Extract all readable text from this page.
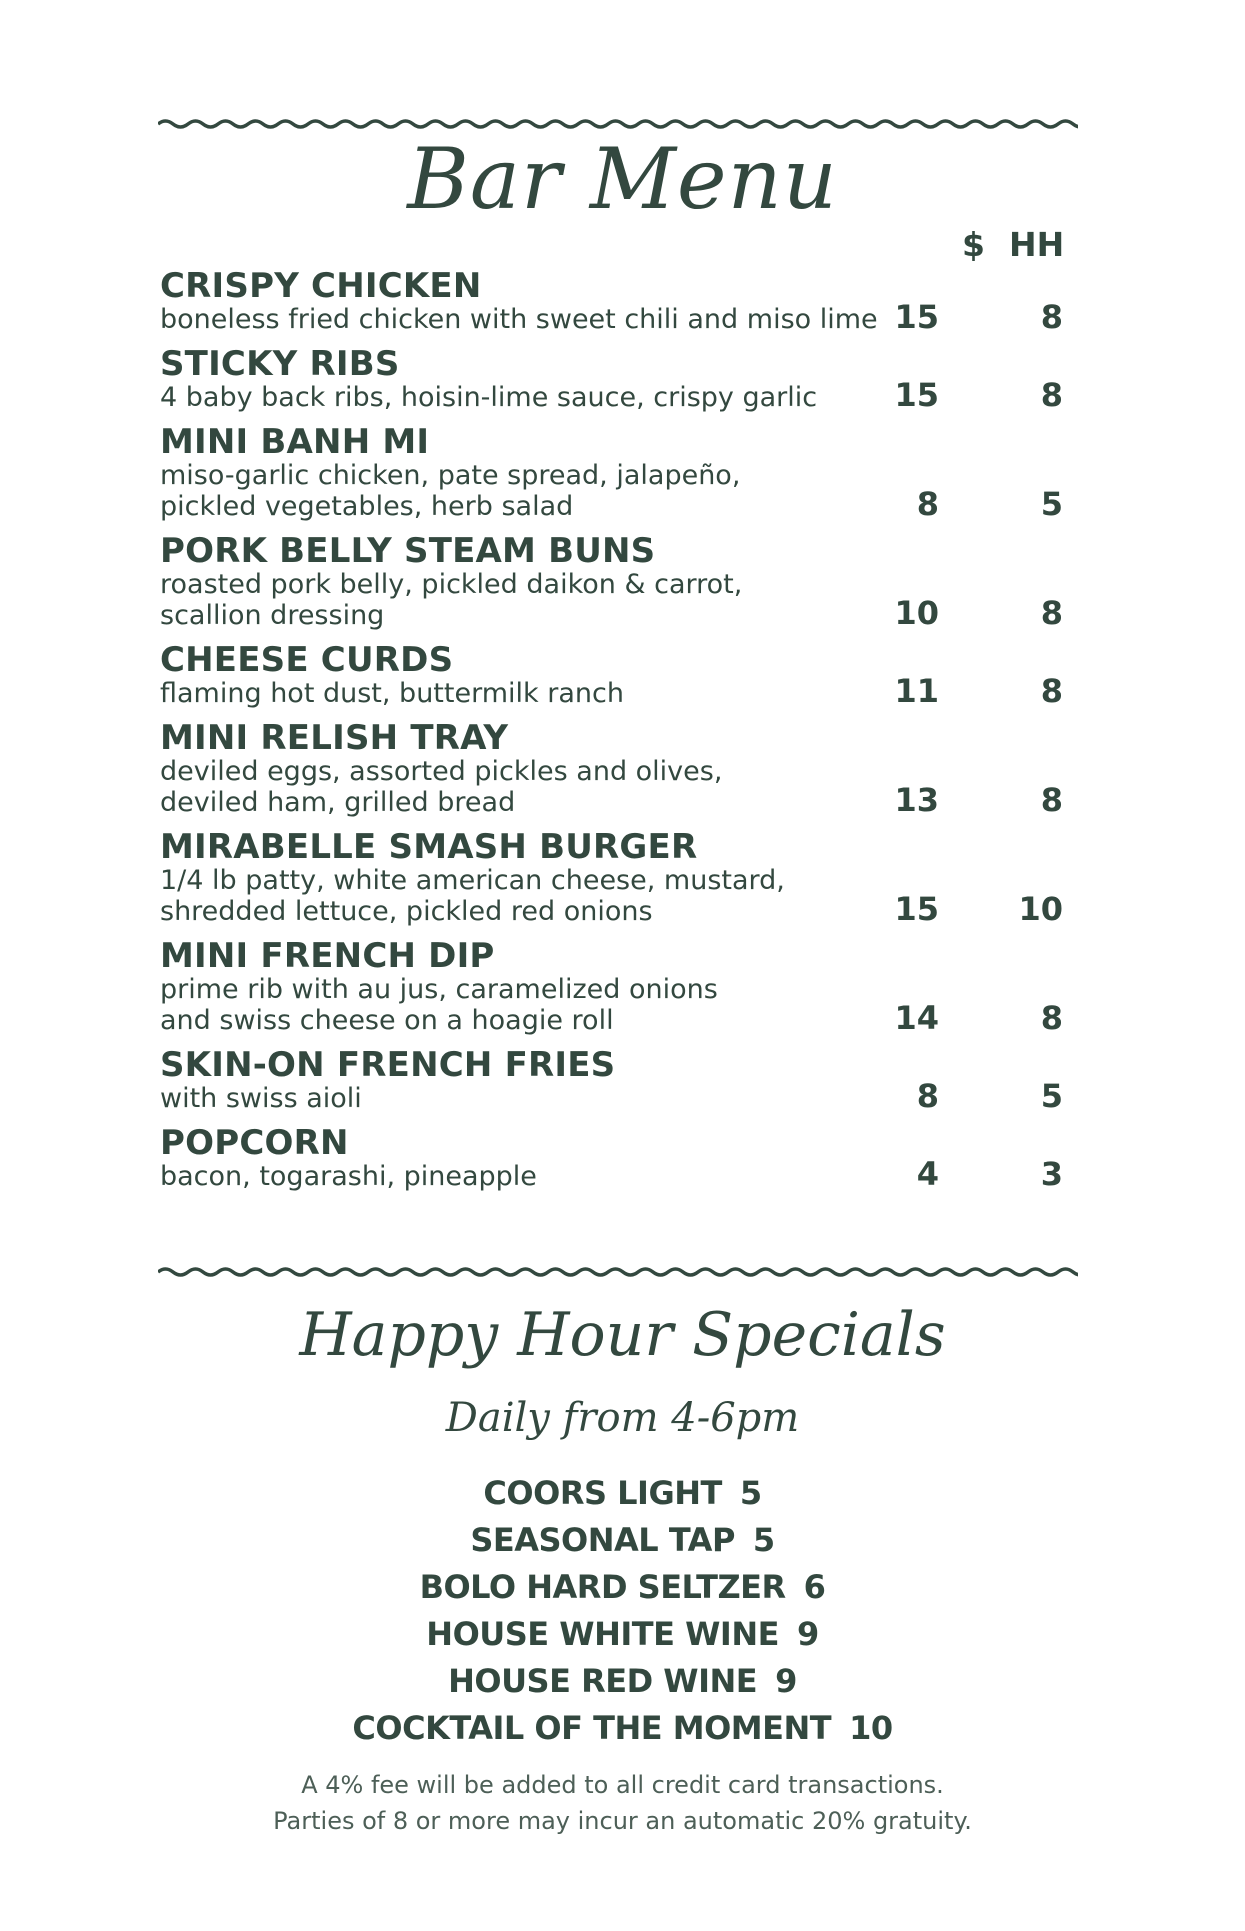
Bar Menu
$ HH
CRISPY CHICKEN
boneless fried chicken with sweet chili and miso lime 15	8
STICKY RIBS
4 baby back ribs, hoisin-lime sauce, crispy garlic	15	8
MINI BANH MI
miso-garlic chicken, pate spread, jalapeño,
pickled vegetables, herb salad	8	5
PORK BELLY STEAM BUNS
roasted pork belly, pickled daikon & carrot,
scallion dressing	10	8
CHEESE CURDS
flaming hot dust, buttermilk ranch	11	8
MINI RELISH TRAY
deviled eggs, assorted pickles and olives,
deviled ham, grilled bread	13	8
MIRABELLE SMASH BURGER
1/4 lb patty, white american cheese, mustard,
shredded lettuce, pickled red onions	15	10
MINI FRENCH DIP
prime rib with au jus, caramelized onions
and swiss cheese on a hoagie roll	14	8
SKIN-ON FRENCH FRIES
with swiss aioli	8	5
POPCORN
bacon, togarashi, pineapple	4	3
Happy Hour Specials
Daily from 4-6pm
COORS LIGHT 5
SEASONAL TAP 5
BOLO HARD SELTZER 6
HOUSE WHITE WINE 9
HOUSE RED WINE 9
COCKTAIL OF THE MOMENT 10
A 4% fee will be added to all credit card transactions.
Parties of 8 or more may incur an automatic 20% gratuity.
